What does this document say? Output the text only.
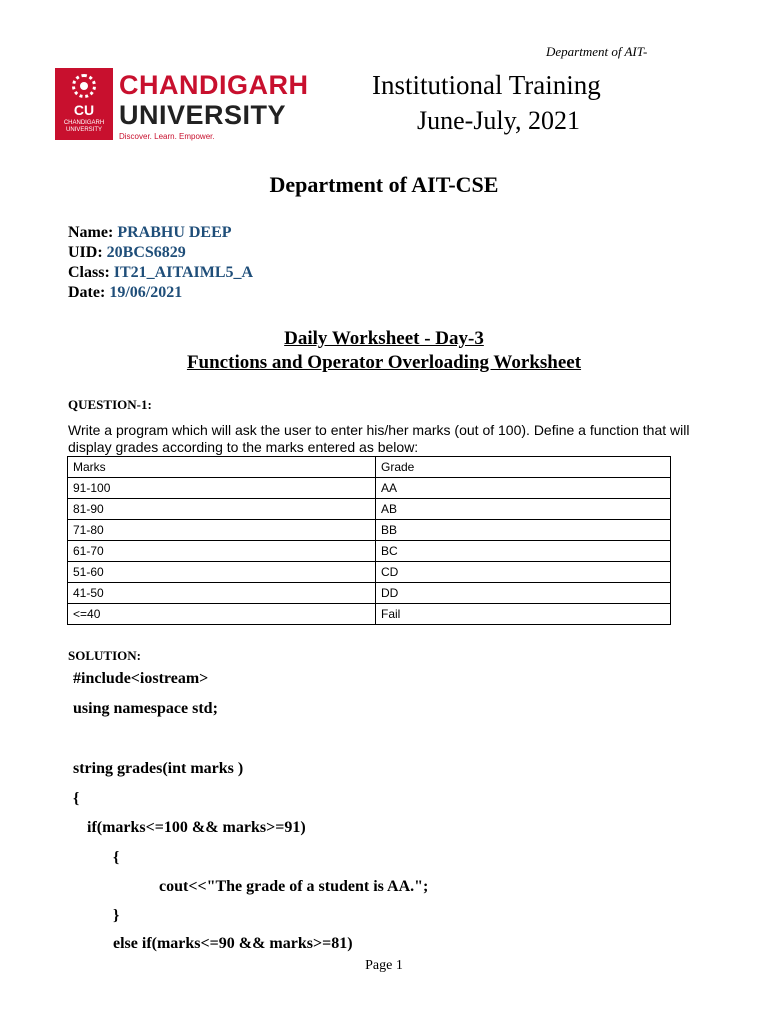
Department of AIT-
CU
CHANDIGARH UNIVERSITY
CHANDIGARH
UNIVERSITY
Discover. Learn. Empower.
Institutional Training
June-July, 2021
Department of AIT-CSE
Name: PRABHU DEEP
UID: 20BCS6829
Class: IT21_AITAIML5_A
Date: 19/06/2021
Daily Worksheet - Day-3
Functions and Operator Overloading Worksheet
QUESTION-1:
Write a program which will ask the user to enter his/her marks (out of 100). Define a function that will display grades according to the marks entered as below:
Marks	Grade
91-100	AA
81-90	AB
71-80	BB
61-70	BC
51-60	CD
41-50	DD
<=40	Fail
SOLUTION:
#include<iostream>
using namespace std;
string grades(int marks )
{
if(marks<=100 && marks>=91)
{
cout<<"The grade of a student is AA.";
}
else if(marks<=90 && marks>=81)
Page 1
